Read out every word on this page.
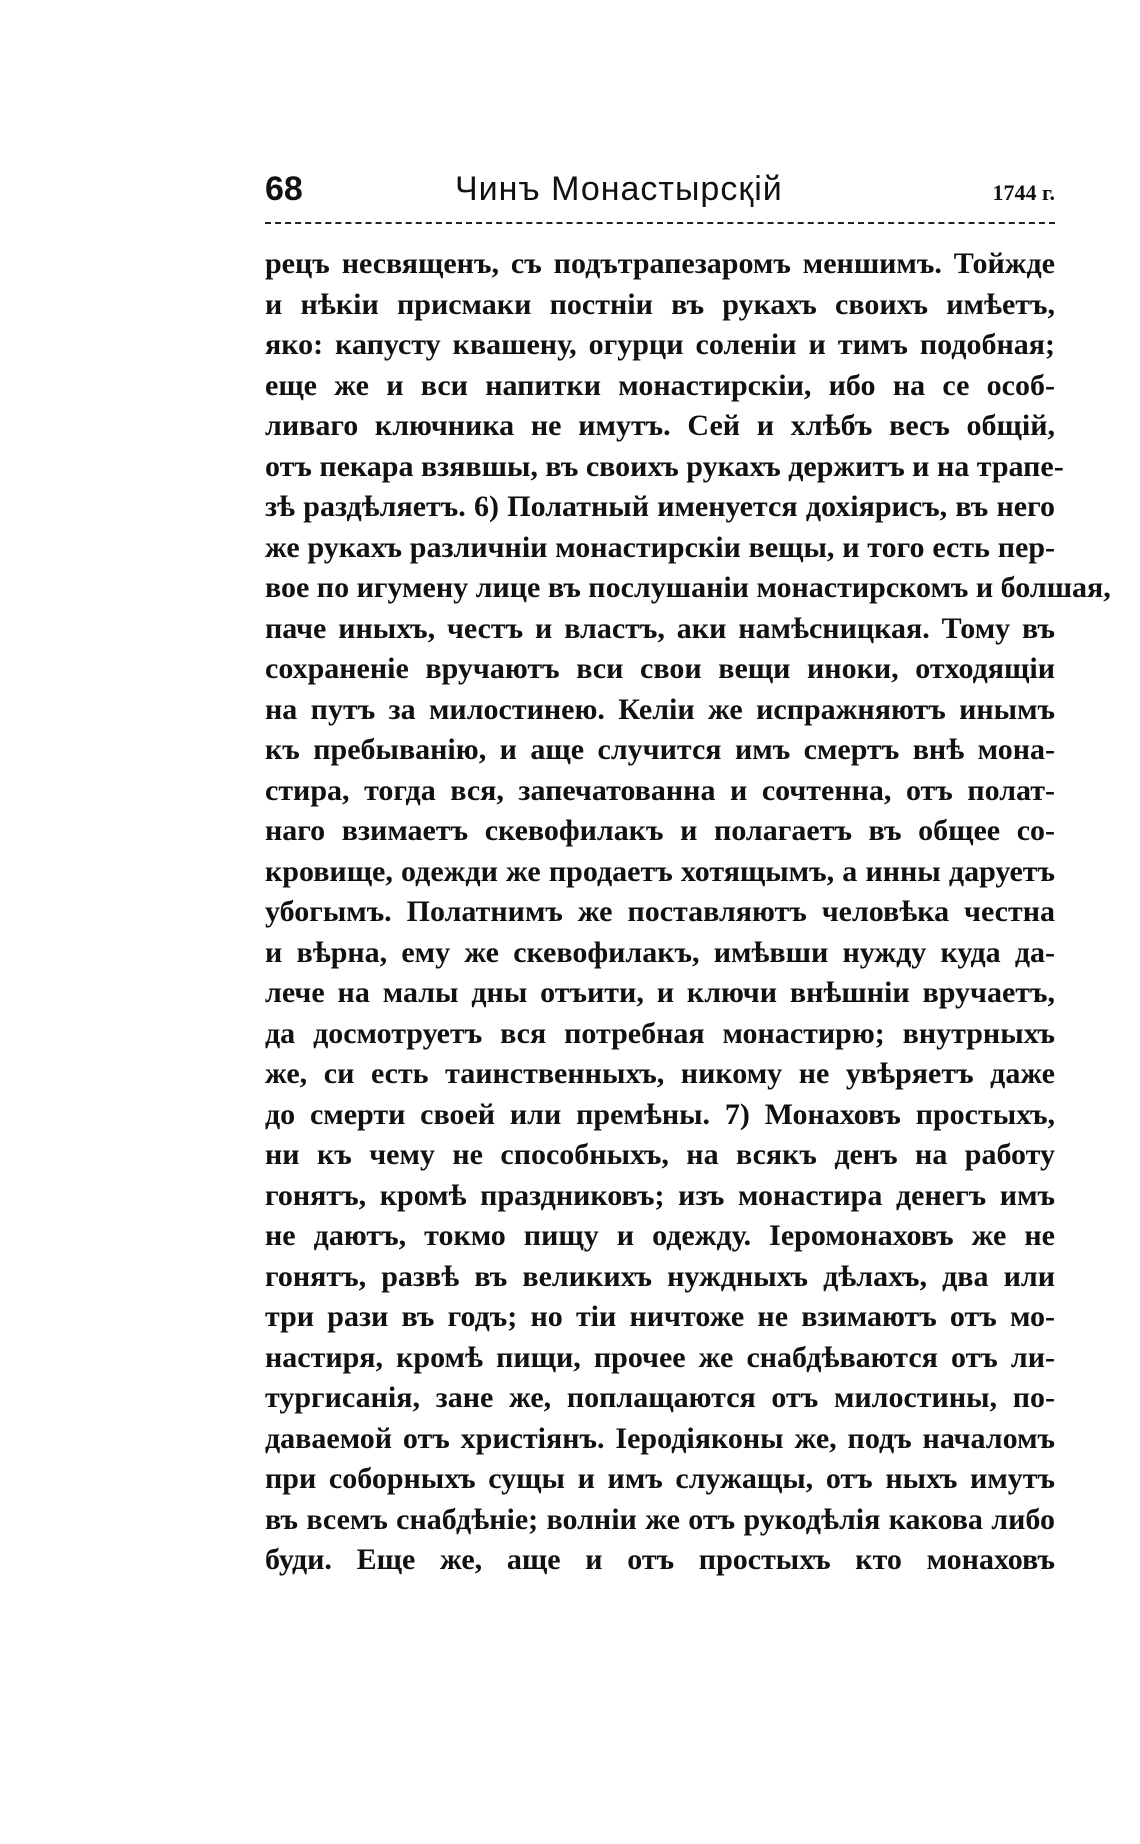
68	Чинъ Монастырсқій	1744 г.
рецъ несвященъ, съ подътрапезаромъ меншимъ. Тойжде
и нѣкіи присмаки постніи въ рукахъ своихъ имѣетъ,
яко: капусту квашену, огурци соленіи и тимъ подобная;
еще же и вси напитки монастирскіи, ибо на се особ-
ливаго ключника не имутъ. Сей и хлѣбъ весъ общій,
отъ пекара взявшы, въ своихъ рукахъ держитъ и на трапе-
зѣ раздѣляетъ. 6) Полатный именуется дохіярисъ, въ него
же рукахъ различніи монастирскіи вещы, и того есть пер-
вое по игумену лице въ послушаніи монастирскомъ и болшая,
паче иныхъ, честъ и властъ, аки намѣсницкая. Тому въ
сохраненіе вручаютъ вси свои вещи иноки, отходящіи
на путъ за милостинею. Келіи же испражняютъ инымъ
къ пребыванію, и аще случится имъ смертъ внѣ мона-
стира, тогда вся, запечатованна и сочтенна, отъ полат-
наго взимаетъ скевофилакъ и полагаетъ въ общее со-
кровище, одежди же продаетъ хотящымъ, а инны даруетъ
убогымъ. Полатнимъ же поставляютъ человѣка честна
и вѣрна, ему же скевофилакъ, имѣвши нужду куда да-
лече на малы дны отъити, и ключи внѣшніи вручаетъ,
да досмотруетъ вся потребная монастирю; внутрныхъ
же, си есть таинственныхъ, никому не увѣряетъ даже
до смерти своей или премѣны. 7) Монаховъ простыхъ,
ни къ чему не способныхъ, на всякъ денъ на работу
гонятъ, кромѣ праздниковъ; изъ монастира денегъ имъ
не даютъ, токмо пищу и одежду. Іеромонаховъ же не
гонятъ, развѣ въ великихъ нуждныхъ дѣлахъ, два или
три рази въ годъ; но тіи ничтоже не взимаютъ отъ мо-
настиря, кромѣ пищи, прочее же снабдѣваются отъ ли-
тургисанія, зане же, поплащаются отъ милостины, по-
даваемой отъ христіянъ. Іеродіяконы же, подъ началомъ
при соборныхъ сущы и имъ служащы, отъ ныхъ имутъ
въ всемъ снабдѣніе; волніи же отъ рукодѣлія какова либо
буди. Еще же, аще и отъ простыхъ кто монаховъ
